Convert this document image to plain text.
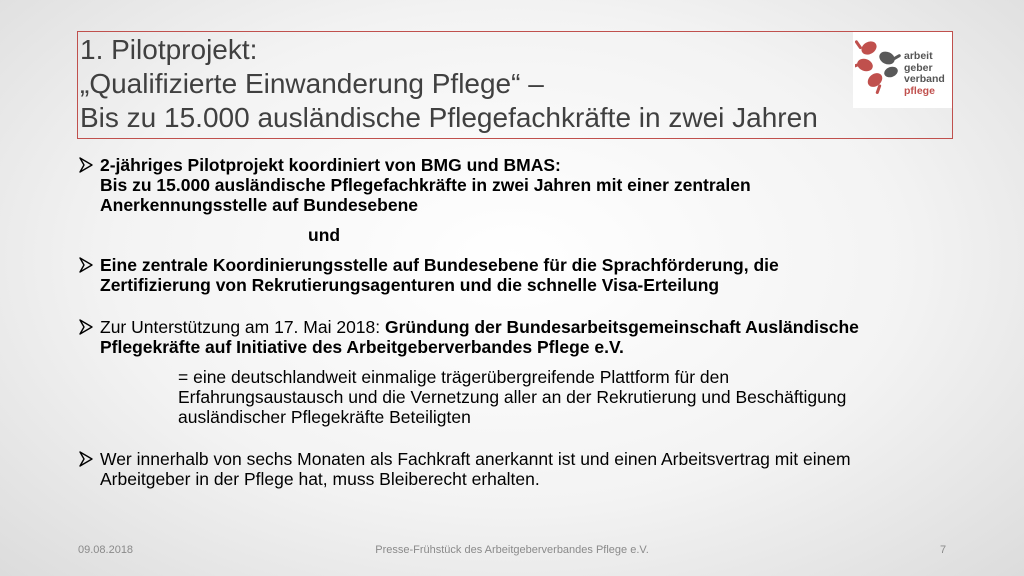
1. Pilotprojekt:
„Qualifizierte Einwanderung Pflege“ –
Bis zu 15.000 ausländische Pflegefachkräfte in zwei Jahren
arbeit
geber
verband
pflege
2-jähriges Pilotprojekt koordiniert von BMG und BMAS:
Bis zu 15.000 ausländische Pflegefachkräfte in zwei Jahren mit einer zentralen
Anerkennungsstelle auf Bundesebene
und
Eine zentrale Koordinierungsstelle auf Bundesebene für die Sprachförderung, die
Zertifizierung von Rekrutierungsagenturen und die schnelle Visa-Erteilung
Zur Unterstützung am 17. Mai 2018: Gründung der Bundesarbeitsgemeinschaft Ausländische
Pflegekräfte auf Initiative des Arbeitgeberverbandes Pflege e.V.
= eine deutschlandweit einmalige trägerübergreifende Plattform für den
Erfahrungsaustausch und die Vernetzung aller an der Rekrutierung und Beschäftigung
ausländischer Pflegekräfte Beteiligten
Wer innerhalb von sechs Monaten als Fachkraft anerkannt ist und einen Arbeitsvertrag mit einem
Arbeitgeber in der Pflege hat, muss Bleiberecht erhalten.
09.08.2018	Presse-Frühstück des Arbeitgeberverbandes Pflege e.V.	7
